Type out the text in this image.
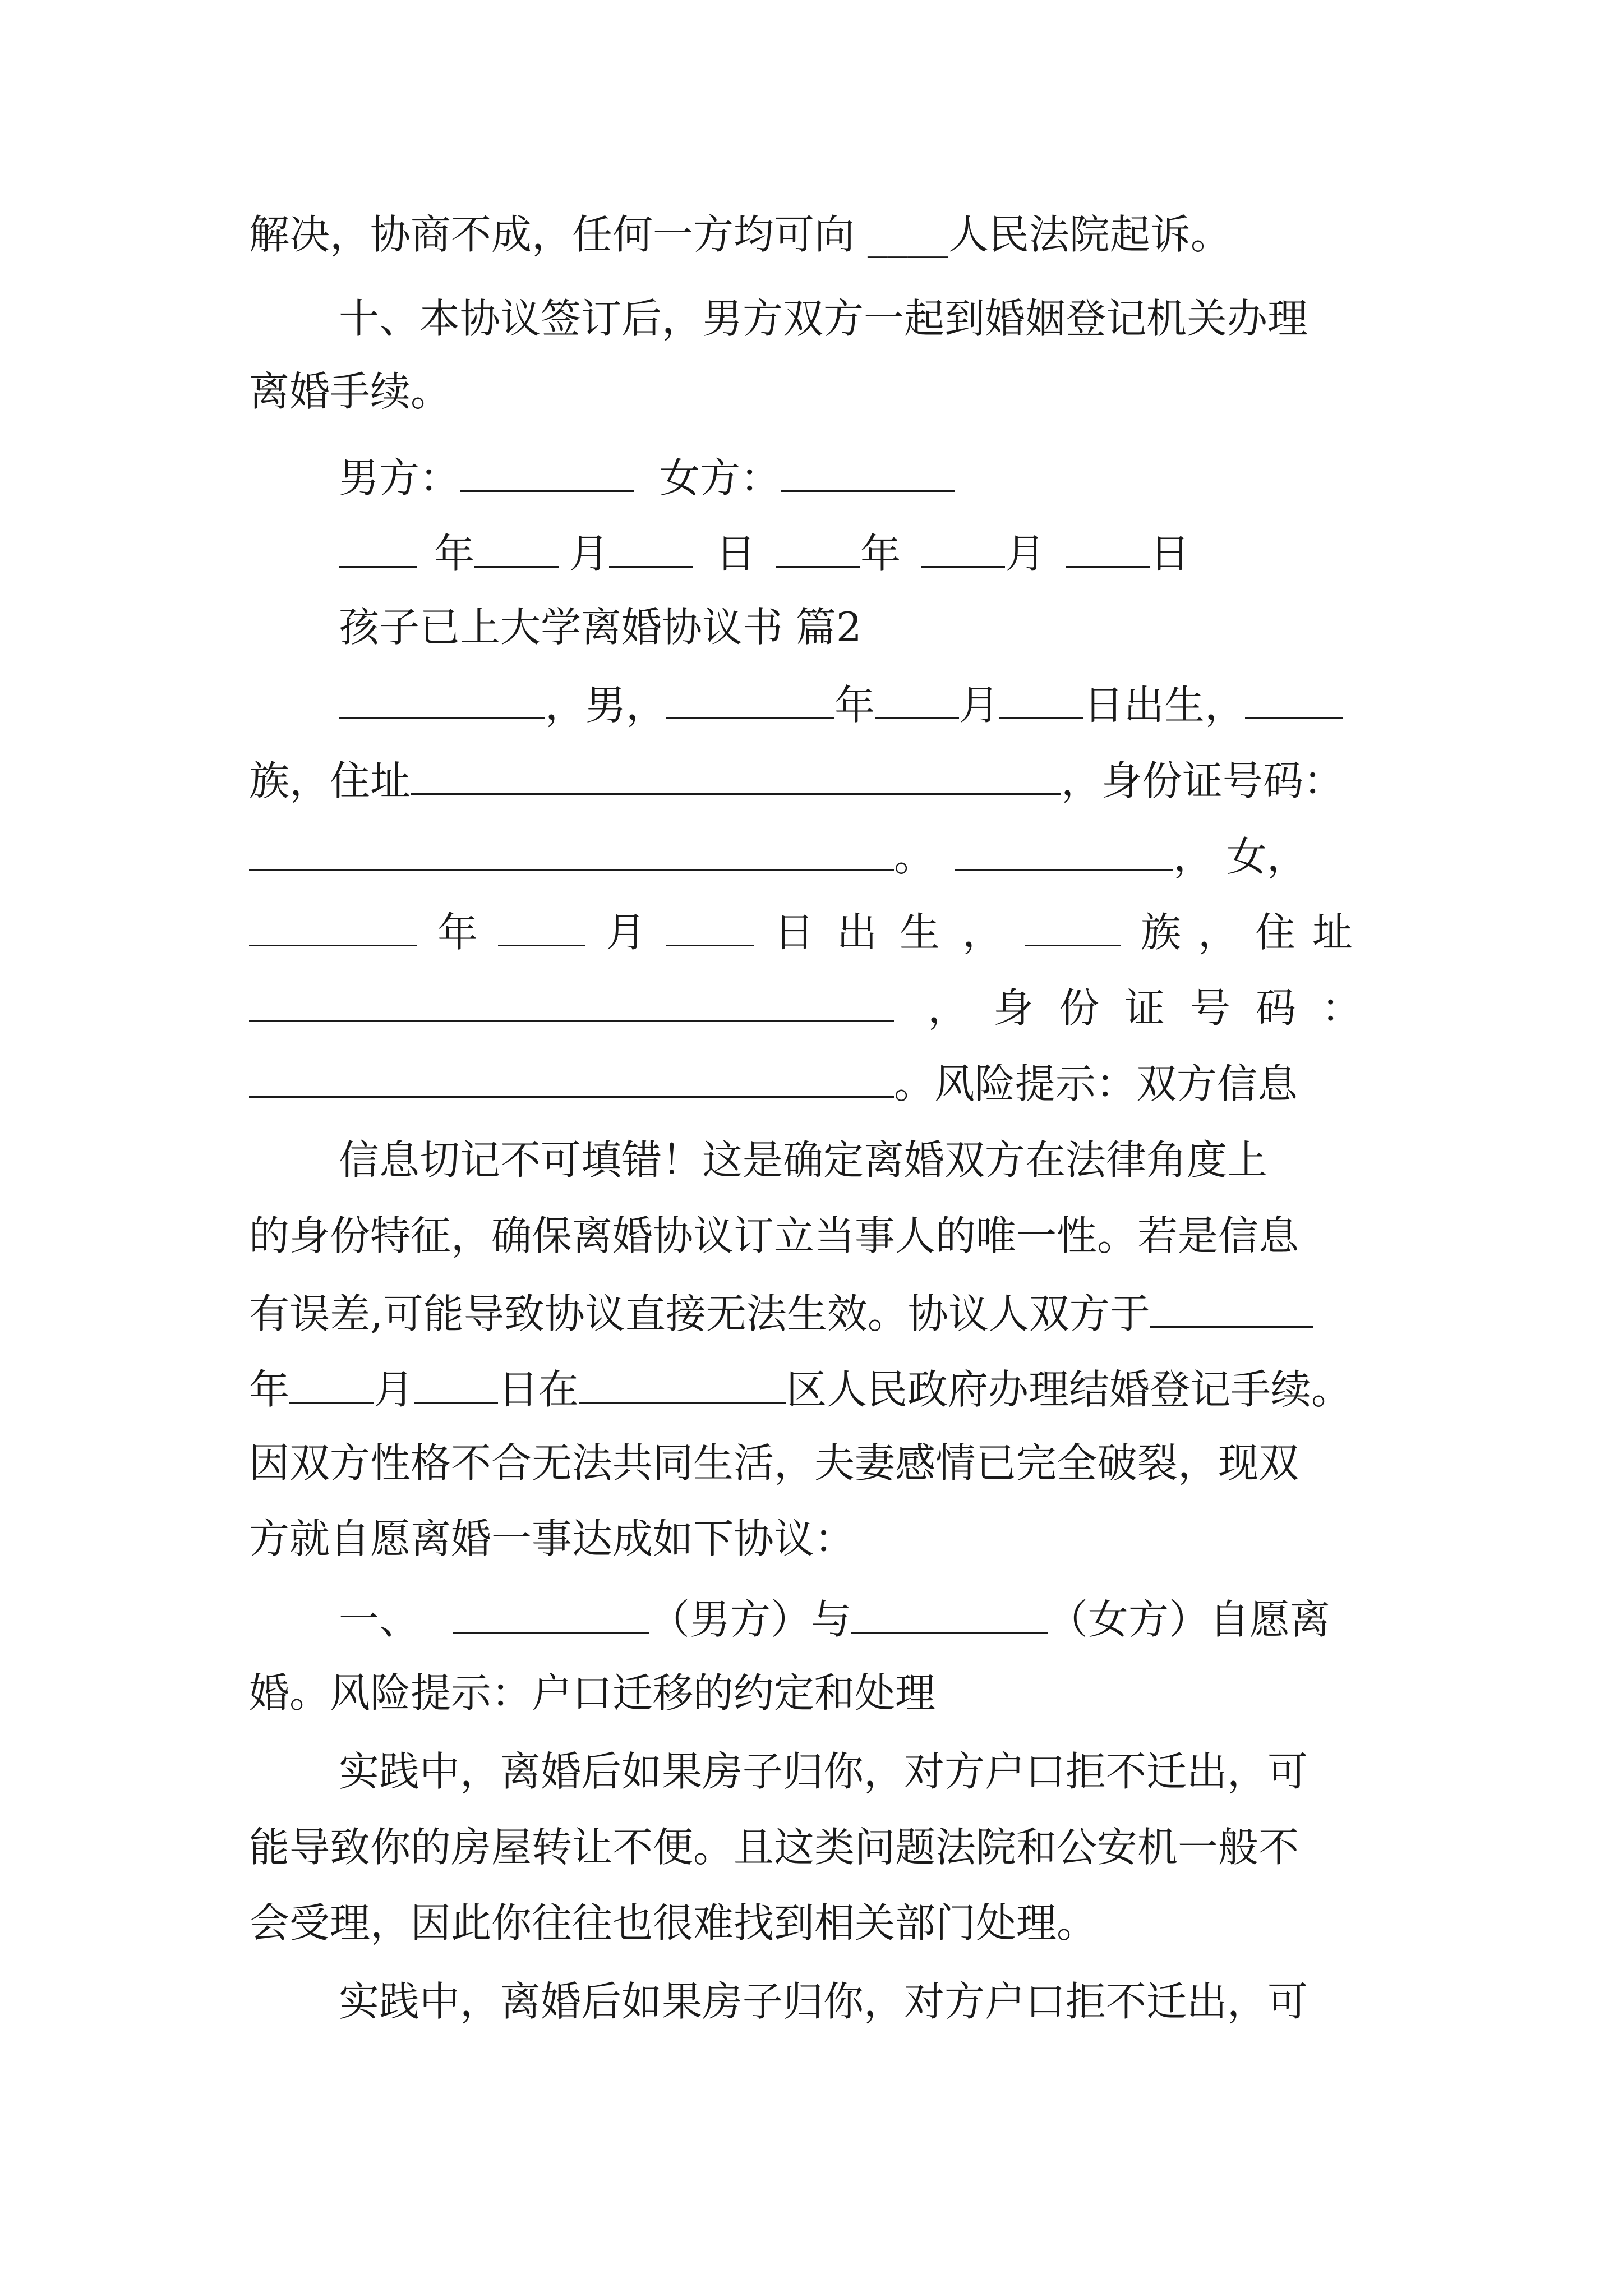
解决，协商不成，任何一方均可向 ____人民法院起诉。
十、本协议签订后，男方双方一起到婚姻登记机关办理
离婚手续。
男方：	女方：
年 月	日	年	月	日
孩子已上大学离婚协议书 篇2
，男，	年 月 日出生，
族，住址	，身份证号码：
。	， 女，
年	月	日出生，	族，住址
，身份证号码：
。风险提示：双方信息
信息切记不可填错！这是确定离婚双方在法律角度上
的身份特征，确保离婚协议订立当事人的唯一性。若是信息
有误差,可能导致协议直接无法生效。协议人双方于
年 月 日在	区人民政府办理结婚登记手续。
因双方性格不合无法共同生活，夫妻感情已完全破裂，现双
方就自愿离婚一事达成如下协议：
一、	（男方）与	（女方）自愿离
婚。风险提示：户口迁移的约定和处理
实践中，离婚后如果房子归你，对方户口拒不迁出，可
能导致你的房屋转让不便。且这类问题法院和公安机一般不
会受理，因此你往往也很难找到相关部门处理。
实践中，离婚后如果房子归你，对方户口拒不迁出，可
